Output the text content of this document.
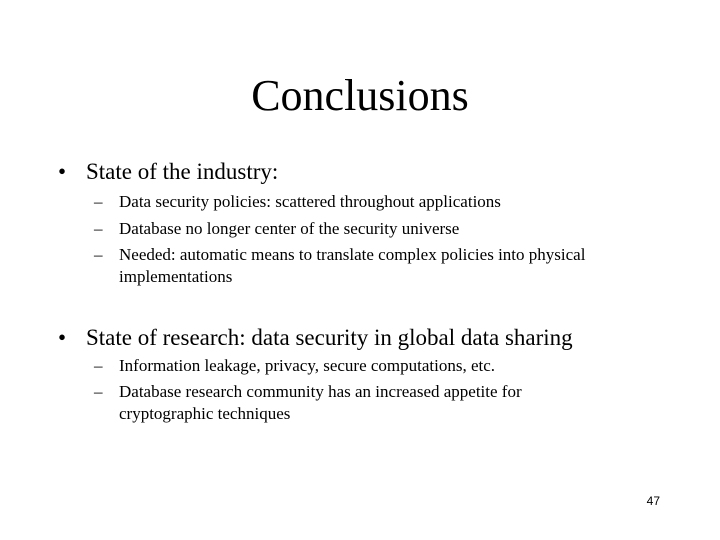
Conclusions
• State of the industry:
– Data security policies: scattered throughout applications
– Database no longer center of the security universe
– Needed: automatic means to translate complex policies into physical implementations
• State of research: data security in global data sharing
– Information leakage, privacy, secure computations, etc.
– Database research community has an increased appetite for cryptographic techniques
47
